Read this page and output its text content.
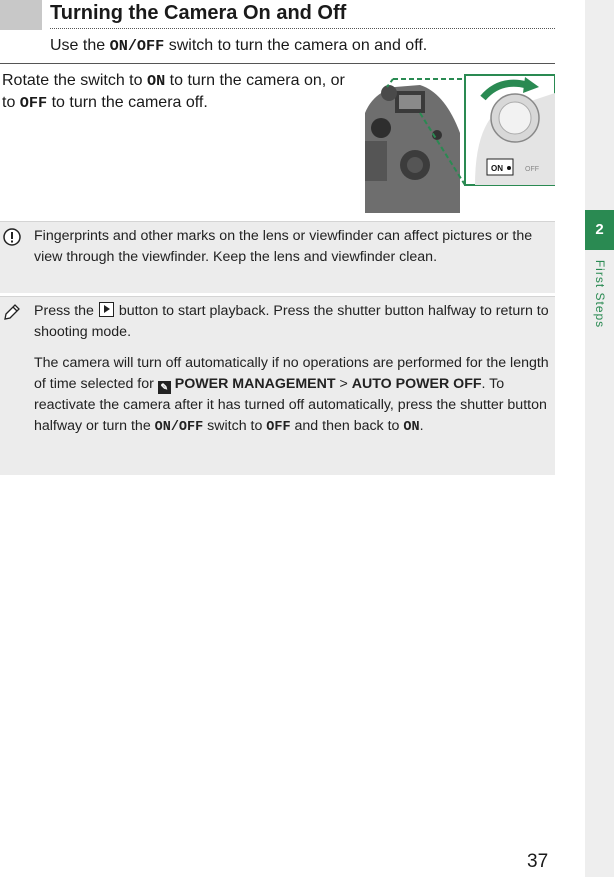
Turning the Camera On and Off
Use the ON/OFF switch to turn the camera on and off.
Rotate the switch to ON to turn the camera on, or to OFF to turn the camera off.
ON	OFF
Fingerprints and other marks on the lens or viewfinder can affect pictures or the view through the viewfinder. Keep the lens and viewfinder clean.

Press the  button to start playback. Press the shutter button halfway to return to shooting mode.

The camera will turn off automatically if no operations are performed for the length of time selected for ✎ POWER MANAGEMENT > AUTO POWER OFF. To reactivate the camera after it has turned off automatically, press the shutter button halfway or turn the ON/OFF switch to OFF and then back to ON.

2
First Steps
37
